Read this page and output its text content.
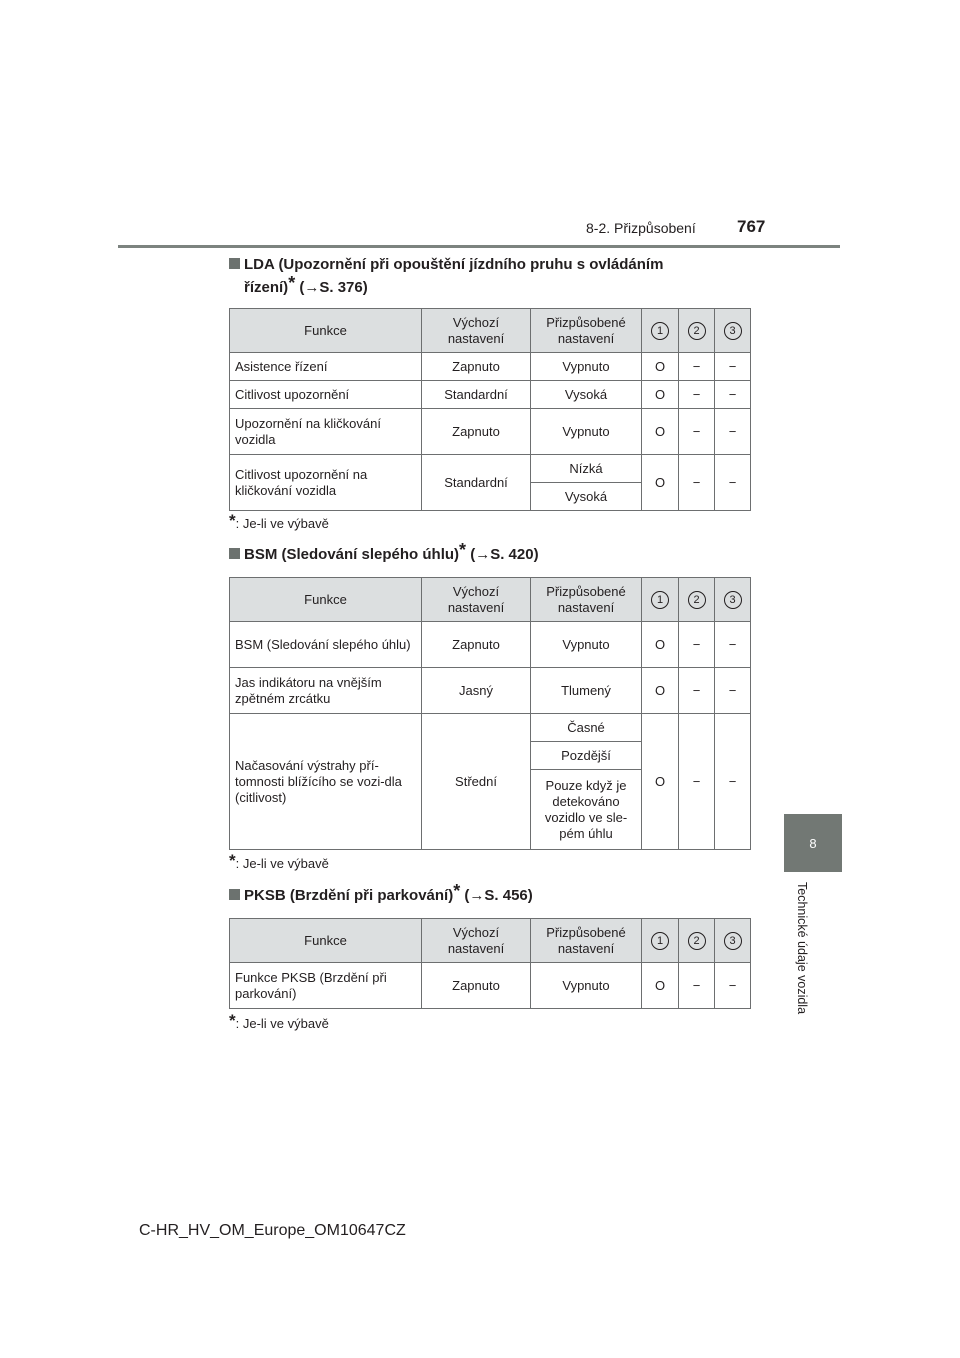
8-2. Přizpůsobení 767
8
Technické údaje vozidla
LDA (Upozornění při opouštění jízdního pruhu s ovládáním
řízení)* (→S. 376)
Funkce	Výchozí nastavení	Přizpůsobené nastavení	1	2	3
Asistence řízení	Zapnuto	Vypnuto	O	−	−
Citlivost upozornění	Standardní	Vysoká	O	−	−
Upozornění na kličkování vozidla	Zapnuto	Vypnuto	O	−	−
Citlivost upozornění na kličkování vozidla	Standardní	Nízká	O	−	−
		Vysoká			
*: Je-li ve výbavě
BSM (Sledování slepého úhlu)* (→S. 420)
Funkce	Výchozí nastavení	Přizpůsobené nastavení	1	2	3
BSM (Sledování slepého úhlu)	Zapnuto	Vypnuto	O	−	−
Jas indikátoru na vnějším zpětném zrcátku	Jasný	Tlumený	O	−	−
Načasování výstrahy pří-tomnosti blížícího se vozi-dla (citlivost)	Střední	Časné	O	−	−
		Pozdější			
		Pouze když je detekováno vozidlo ve sle-pém úhlu			
*: Je-li ve výbavě
PKSB (Brzdění při parkování)* (→S. 456)
Funkce	Výchozí nastavení	Přizpůsobené nastavení	1	2	3
Funkce PKSB (Brzdění při parkování)	Zapnuto	Vypnuto	O	−	−
*: Je-li ve výbavě
C-HR_HV_OM_Europe_OM10647CZ
